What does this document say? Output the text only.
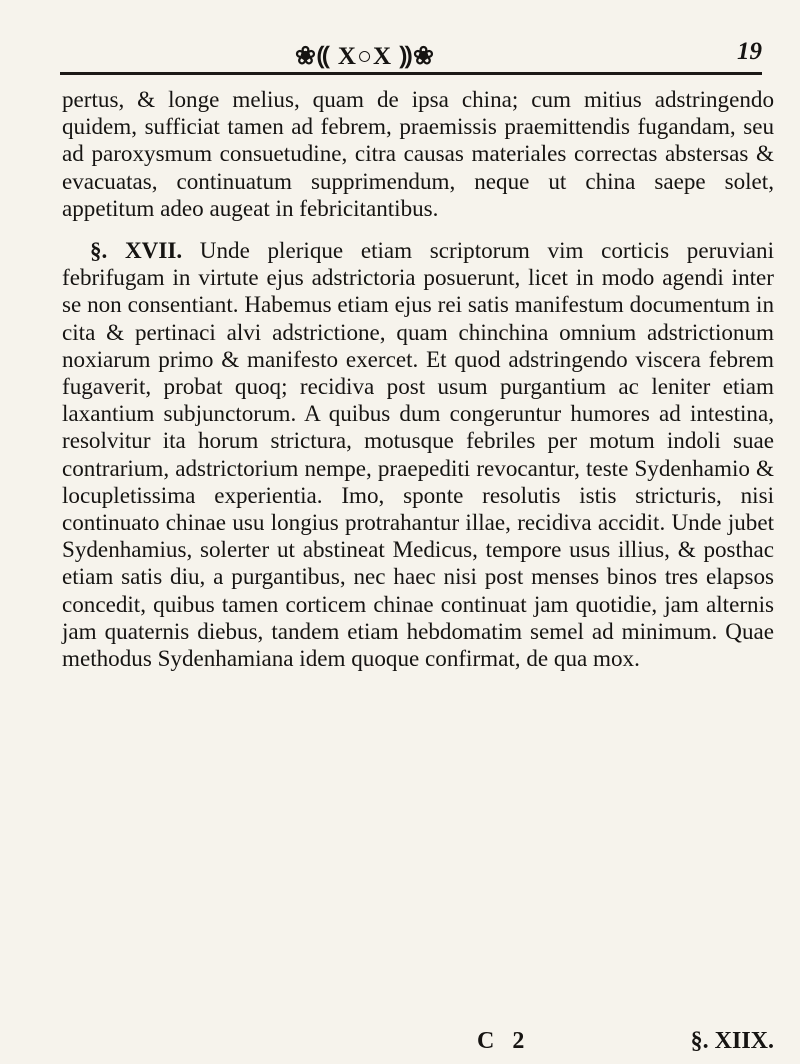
❀⸨ X○X ⸩❀	19

pertus, & longe melius, quam de ipsa china; cum mitius adstringendo quidem, sufficiat tamen ad febrem, praemissis praemittendis fugandam, seu ad paroxysmum consuetudine, citra causas materiales correctas abstersas & evacuatas, continuatum supprimendum, neque ut china saepe solet, appetitum adeo augeat in febricitantibus.

§. XVII. Unde plerique etiam scriptorum vim corticis peruviani febrifugam in virtute ejus adstrictoria posuerunt, licet in modo agendi inter se non consentiant. Habemus etiam ejus rei satis manifestum documentum in cita & pertinaci alvi adstrictione, quam chinchina omnium adstrictionum noxiarum primo & manifesto exercet. Et quod adstringendo viscera febrem fugaverit, probat quoq; recidiva post usum purgantium ac leniter etiam laxantium subjunctorum. A quibus dum congeruntur humores ad intestina, resolvitur ita horum strictura, motusque febriles per motum indoli suae contrarium, adstrictorium nempe, praepediti revocantur, teste Sydenhamio & locupletissima experientia. Imo, sponte resolutis istis stricturis, nisi continuato chinae usu longius protrahantur illae, recidiva accidit. Unde jubet Sydenhamius, solerter ut abstineat Medicus, tempore usus illius, & posthac etiam satis diu, a purgantibus, nec haec nisi post menses binos tres elapsos concedit, quibus tamen corticem chinae continuat jam quotidie, jam alternis jam quaternis diebus, tandem etiam hebdomatim semel ad minimum. Quae methodus Sydenhamiana idem quoque confirmat, de qua mox.

C 2	§. XIIX.
